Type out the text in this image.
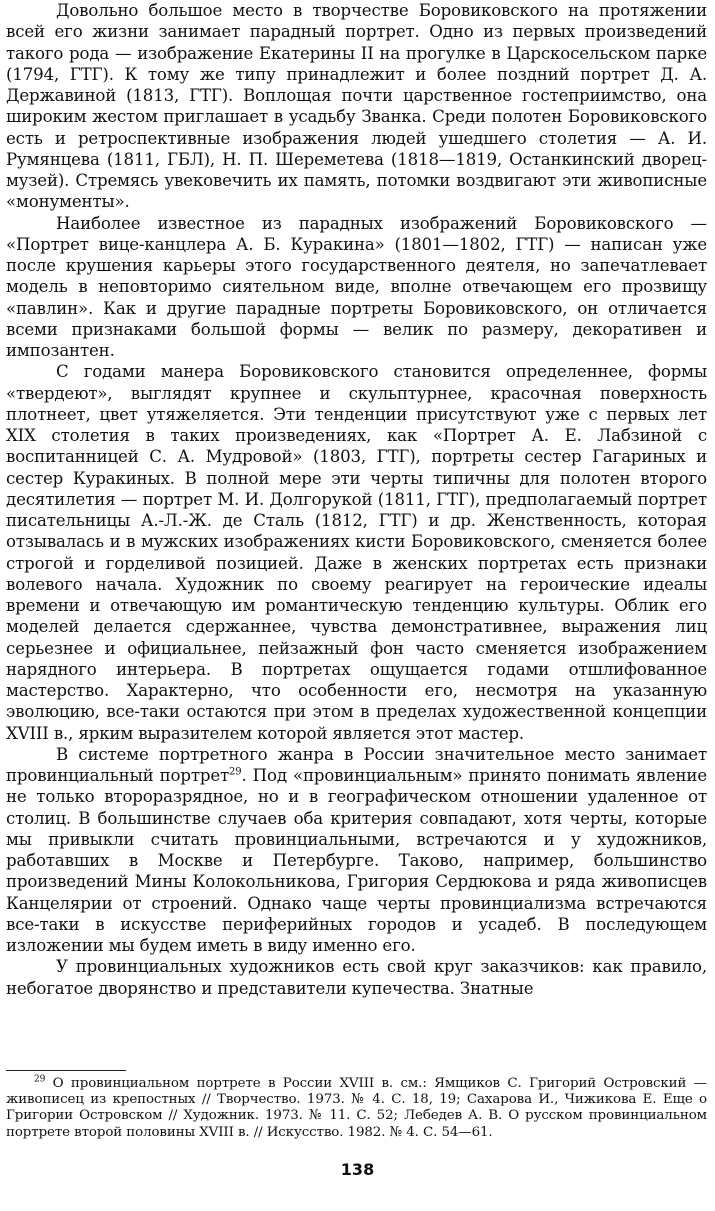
Довольно большое место в творчестве Боровиковского на протяжении всей его жизни занимает парадный портрет. Одно из первых произведений такого рода — изображение Екатерины II на прогулке в Царскосельском парке (1794, ГТГ). К тому же типу принадлежит и более поздний портрет Д. А. Державиной (1813, ГТГ). Воплощая почти царственное гостеприимство, она широким жестом приглашает в усадьбу Званка. Среди полотен Боровиковского есть и ретроспективные изображения людей ушедшего столетия — А. И. Румянцева (1811, ГБЛ), Н. П. Шереметева (1818—1819, Останкинский дворец-музей). Стремясь увековечить их память, потомки воздвигают эти живописные «монументы».

Наиболее известное из парадных изображений Боровиковского — «Портрет вице-канцлера А. Б. Куракина» (1801—1802, ГТГ) — написан уже после крушения карьеры этого государственного деятеля, но запечатлевает модель в неповторимо сиятельном виде, вполне отвечающем его прозвищу «павлин». Как и другие парадные портреты Боровиковского, он отличается всеми признаками большой формы — велик по размеру, декоративен и импозантен.

С годами манера Боровиковского становится определеннее, формы «твердеют», выглядят крупнее и скульптурнее, красочная поверхность плотнеет, цвет утяжеляется. Эти тенденции присутствуют уже с первых лет XIX столетия в таких произведениях, как «Портрет А. Е. Лабзиной с воспитанницей С. А. Мудровой» (1803, ГТГ), портреты сестер Гагариных и сестер Куракиных. В полной мере эти черты типичны для полотен второго десятилетия — портрет М. И. Долгорукой (1811, ГТГ), предполагаемый портрет писательницы А.-Л.-Ж. де Сталь (1812, ГТГ) и др. Женственность, которая отзывалась и в мужских изображениях кисти Боровиковского, сменяется более строгой и горделивой позицией. Даже в женских портретах есть признаки волевого начала. Художник по своему реагирует на героические идеалы времени и отвечающую им романтическую тенденцию культуры. Облик его моделей делается сдержаннее, чувства демонстративнее, выражения лиц серьезнее и официальнее, пейзажный фон часто сменяется изображением нарядного интерьера. В портретах ощущается годами отшлифованное мастерство. Характерно, что особенности его, несмотря на указанную эволюцию, все-таки остаются при этом в пределах художественной концепции XVIII в., ярким выразителем которой является этот мастер.

В системе портретного жанра в России значительное место занимает провинциальный портрет$^{29}$. Под «провинциальным» принято понимать явление не только второразрядное, но и в географическом отношении удаленное от столиц. В большинстве случаев оба критерия совпадают, хотя черты, которые мы привыкли считать провинциальными, встречаются и у художников, работавших в Москве и Петербурге. Таково, например, большинство произведений Мины Колокольникова, Григория Сердюкова и ряда живописцев Канцелярии от строений. Однако чаще черты провинциализма встречаются все-таки в искусстве периферийных городов и усадеб. В последующем изложении мы будем иметь в виду именно его.

У провинциальных художников есть свой круг заказчиков: как правило, небогатое дворянство и представители купечества. Знатные

$^{29}$ О провинциальном портрете в России XVIII в. см.: Ямщиков С. Григорий Островский — живописец из крепостных // Творчество. 1973. № 4. С. 18, 19; Сахарова И., Чижикова Е. Еще о Григории Островском // Художник. 1973. № 11. С. 52; Лебедев А. В. О русском провинциальном портрете второй половины XVIII в. // Искусство. 1982. № 4. С. 54—61.

138
